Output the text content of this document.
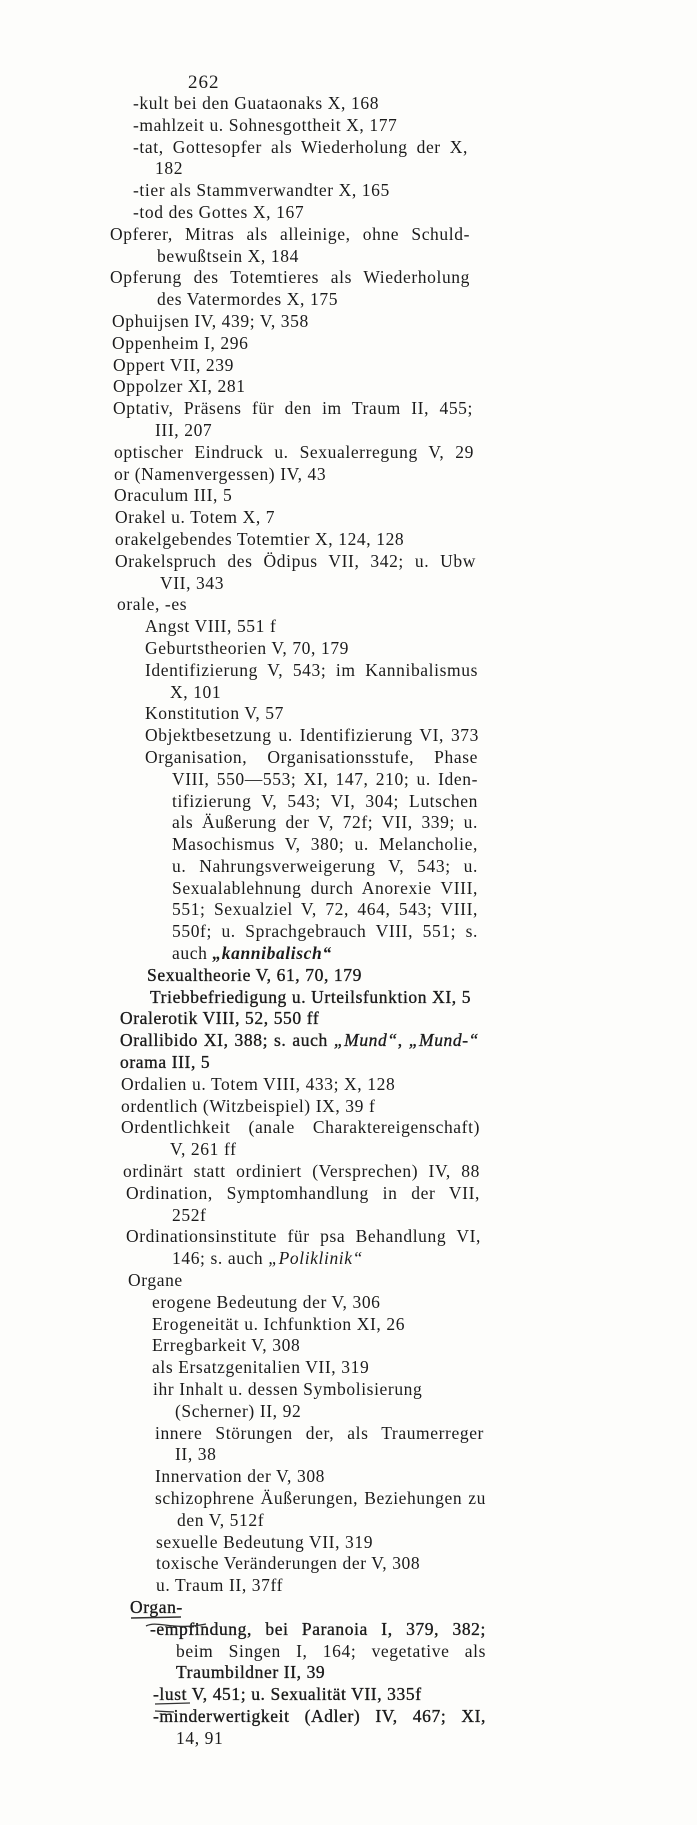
262
-kult bei den Guataonaks X, 168
-mahlzeit u. Sohnesgottheit X, 177
-tat, Gottesopfer als Wiederholung der X,
182
-tier als Stammverwandter X, 165
-tod des Gottes X, 167
Opferer, Mitras als alleinige, ohne Schuld-
bewußtsein X, 184
Opferung des Totemtieres als Wiederholung
des Vatermordes X, 175
Ophuijsen IV, 439; V, 358
Oppenheim I, 296
Oppert VII, 239
Oppolzer XI, 281
Optativ, Präsens für den im Traum II, 455;
III, 207
optischer Eindruck u. Sexualerregung V, 29
or (Namenvergessen) IV, 43
Oraculum III, 5
Orakel u. Totem X, 7
orakelgebendes Totemtier X, 124, 128
Orakelspruch des Ödipus VII, 342; u. Ubw
VII, 343
orale, -es
Angst VIII, 551 f
Geburtstheorien V, 70, 179
Identifizierung V, 543; im Kannibalismus
X, 101
Konstitution V, 57
Objektbesetzung u. Identifizierung VI, 373
Organisation, Organisationsstufe, Phase
VIII, 550—553; XI, 147, 210; u. Iden-
tifizierung V, 543; VI, 304; Lutschen
als Äußerung der V, 72f; VII, 339; u.
Masochismus V, 380; u. Melancholie,
u. Nahrungsverweigerung V, 543; u.
Sexualablehnung durch Anorexie VIII,
551; Sexualziel V, 72, 464, 543; VIII,
550f; u. Sprachgebrauch VIII, 551; s.
auch „kannibalisch“
Sexualtheorie V, 61, 70, 179
Triebbefriedigung u. Urteilsfunktion XI, 5
Oralerotik VIII, 52, 550 ff
Orallibido XI, 388; s. auch „Mund“, „Mund-“
orama III, 5
Ordalien u. Totem VIII, 433; X, 128
ordentlich (Witzbeispiel) IX, 39 f
Ordentlichkeit (anale Charaktereigenschaft)
V, 261 ff
ordinärt statt ordiniert (Versprechen) IV, 88
Ordination, Symptomhandlung in der VII,
252f
Ordinationsinstitute für psa Behandlung VI,
146; s. auch „Poliklinik“
Organe
erogene Bedeutung der V, 306
Erogeneität u. Ichfunktion XI, 26
Erregbarkeit V, 308
als Ersatzgenitalien VII, 319
ihr Inhalt u. dessen Symbolisierung
(Scherner) II, 92
innere Störungen der, als Traumerreger
II, 38
Innervation der V, 308
schizophrene Äußerungen, Beziehungen zu
den V, 512f
sexuelle Bedeutung VII, 319
toxische Veränderungen der V, 308
u. Traum II, 37ff
Organ-
-empfindung, bei Paranoia I, 379, 382;
beim Singen I, 164; vegetative als
Traumbildner II, 39
-lust V, 451; u. Sexualität VII, 335f
-minderwertigkeit (Adler) IV, 467; XI,
14, 91
